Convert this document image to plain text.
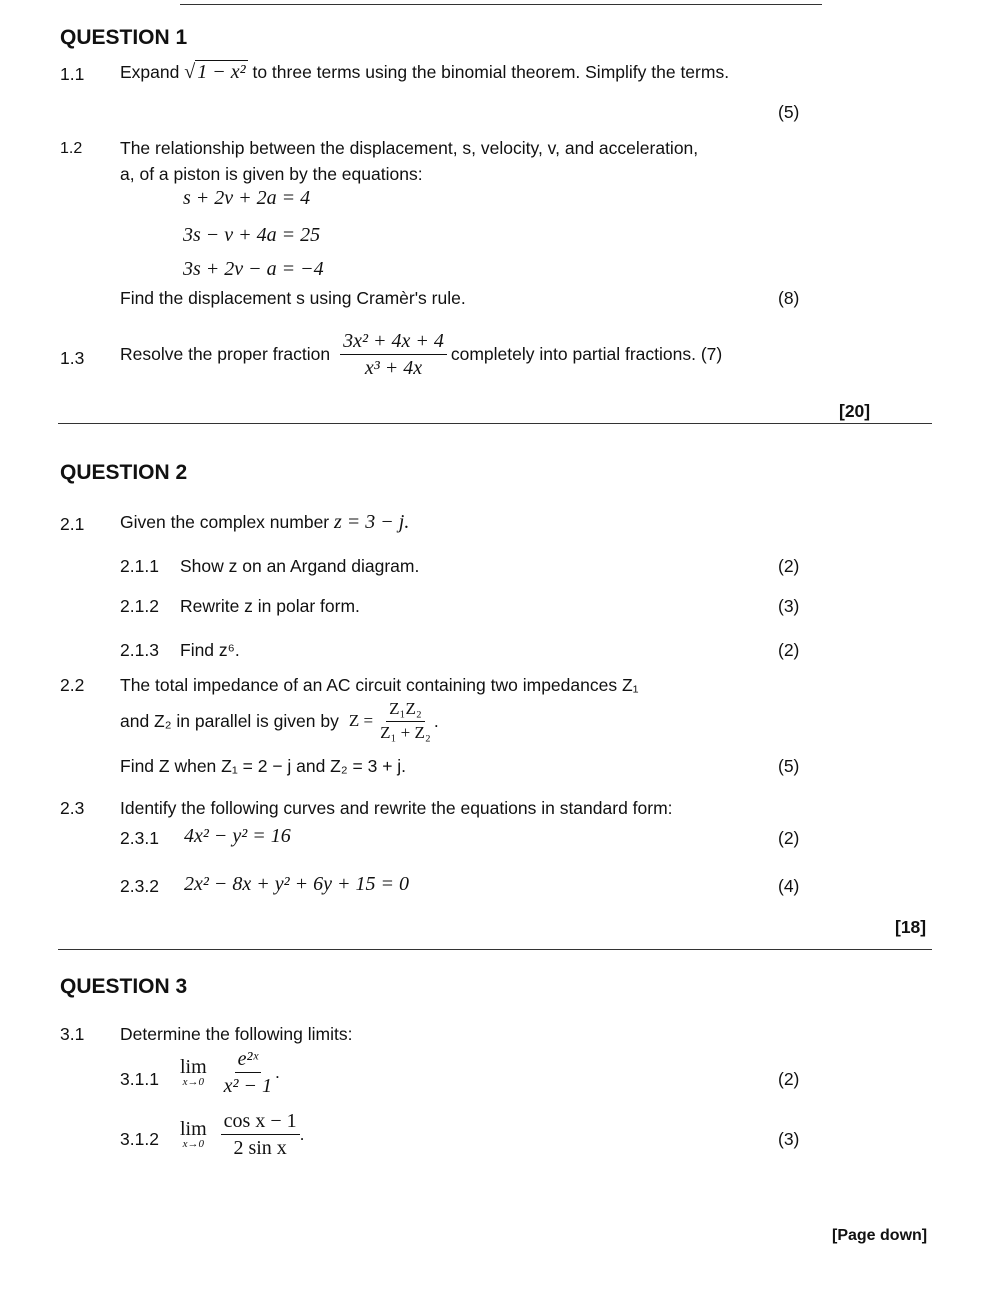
QUESTION 1
1.1 Expand √ 1 − x² to three terms using the binomial theorem. Simplify the terms.
(5)
1.2 The relationship between the displacement, s, velocity, v, and acceleration,
a, of a piston is given by the equations:
s + 2v + 2a = 4
3s − v + 4a = 25
3s + 2v − a = −4
Find the displacement s using Cramèr's rule.	(8)
1.3 Resolve the proper fraction $\frac{\text{3x² + 4x + 4}}{\text{x³ + 4x}}$ completely into partial fractions. (7)
[20]
QUESTION 2
2.1 Given the complex number z = 3 − j.
2.1.1 Show z on an Argand diagram.	(2)
2.1.2 Rewrite z in polar form.	(3)
2.1.3 Find z⁶.	(2)
2.2 The total impedance of an AC circuit containing two impedances Z₁
and Z₂ in parallel is given by $Z = \frac{\text{Z₁Z₂}}{\text{Z₁ + Z₂}}$ .
Find Z when Z₁ = 2 − j and Z₂ = 3 + j.	(5)
2.3 Identify the following curves and rewrite the equations in standard form:
2.3.1 4x² − y² = 16	(2)
2.3.2 2x² − 8x + y² + 6y + 15 = 0	(4)
[18]
QUESTION 3
3.1 Determine the following limits:
3.1.1
lim
$x\to 0 \frac{\text{e²ˣ}}{\text{x² − 1}}$ .	(2)
3.1.2 lim
$x\to 0 \frac{\text{cos x − 1}}{\text{2 sin x}}$ .	(3)
[Page down]
